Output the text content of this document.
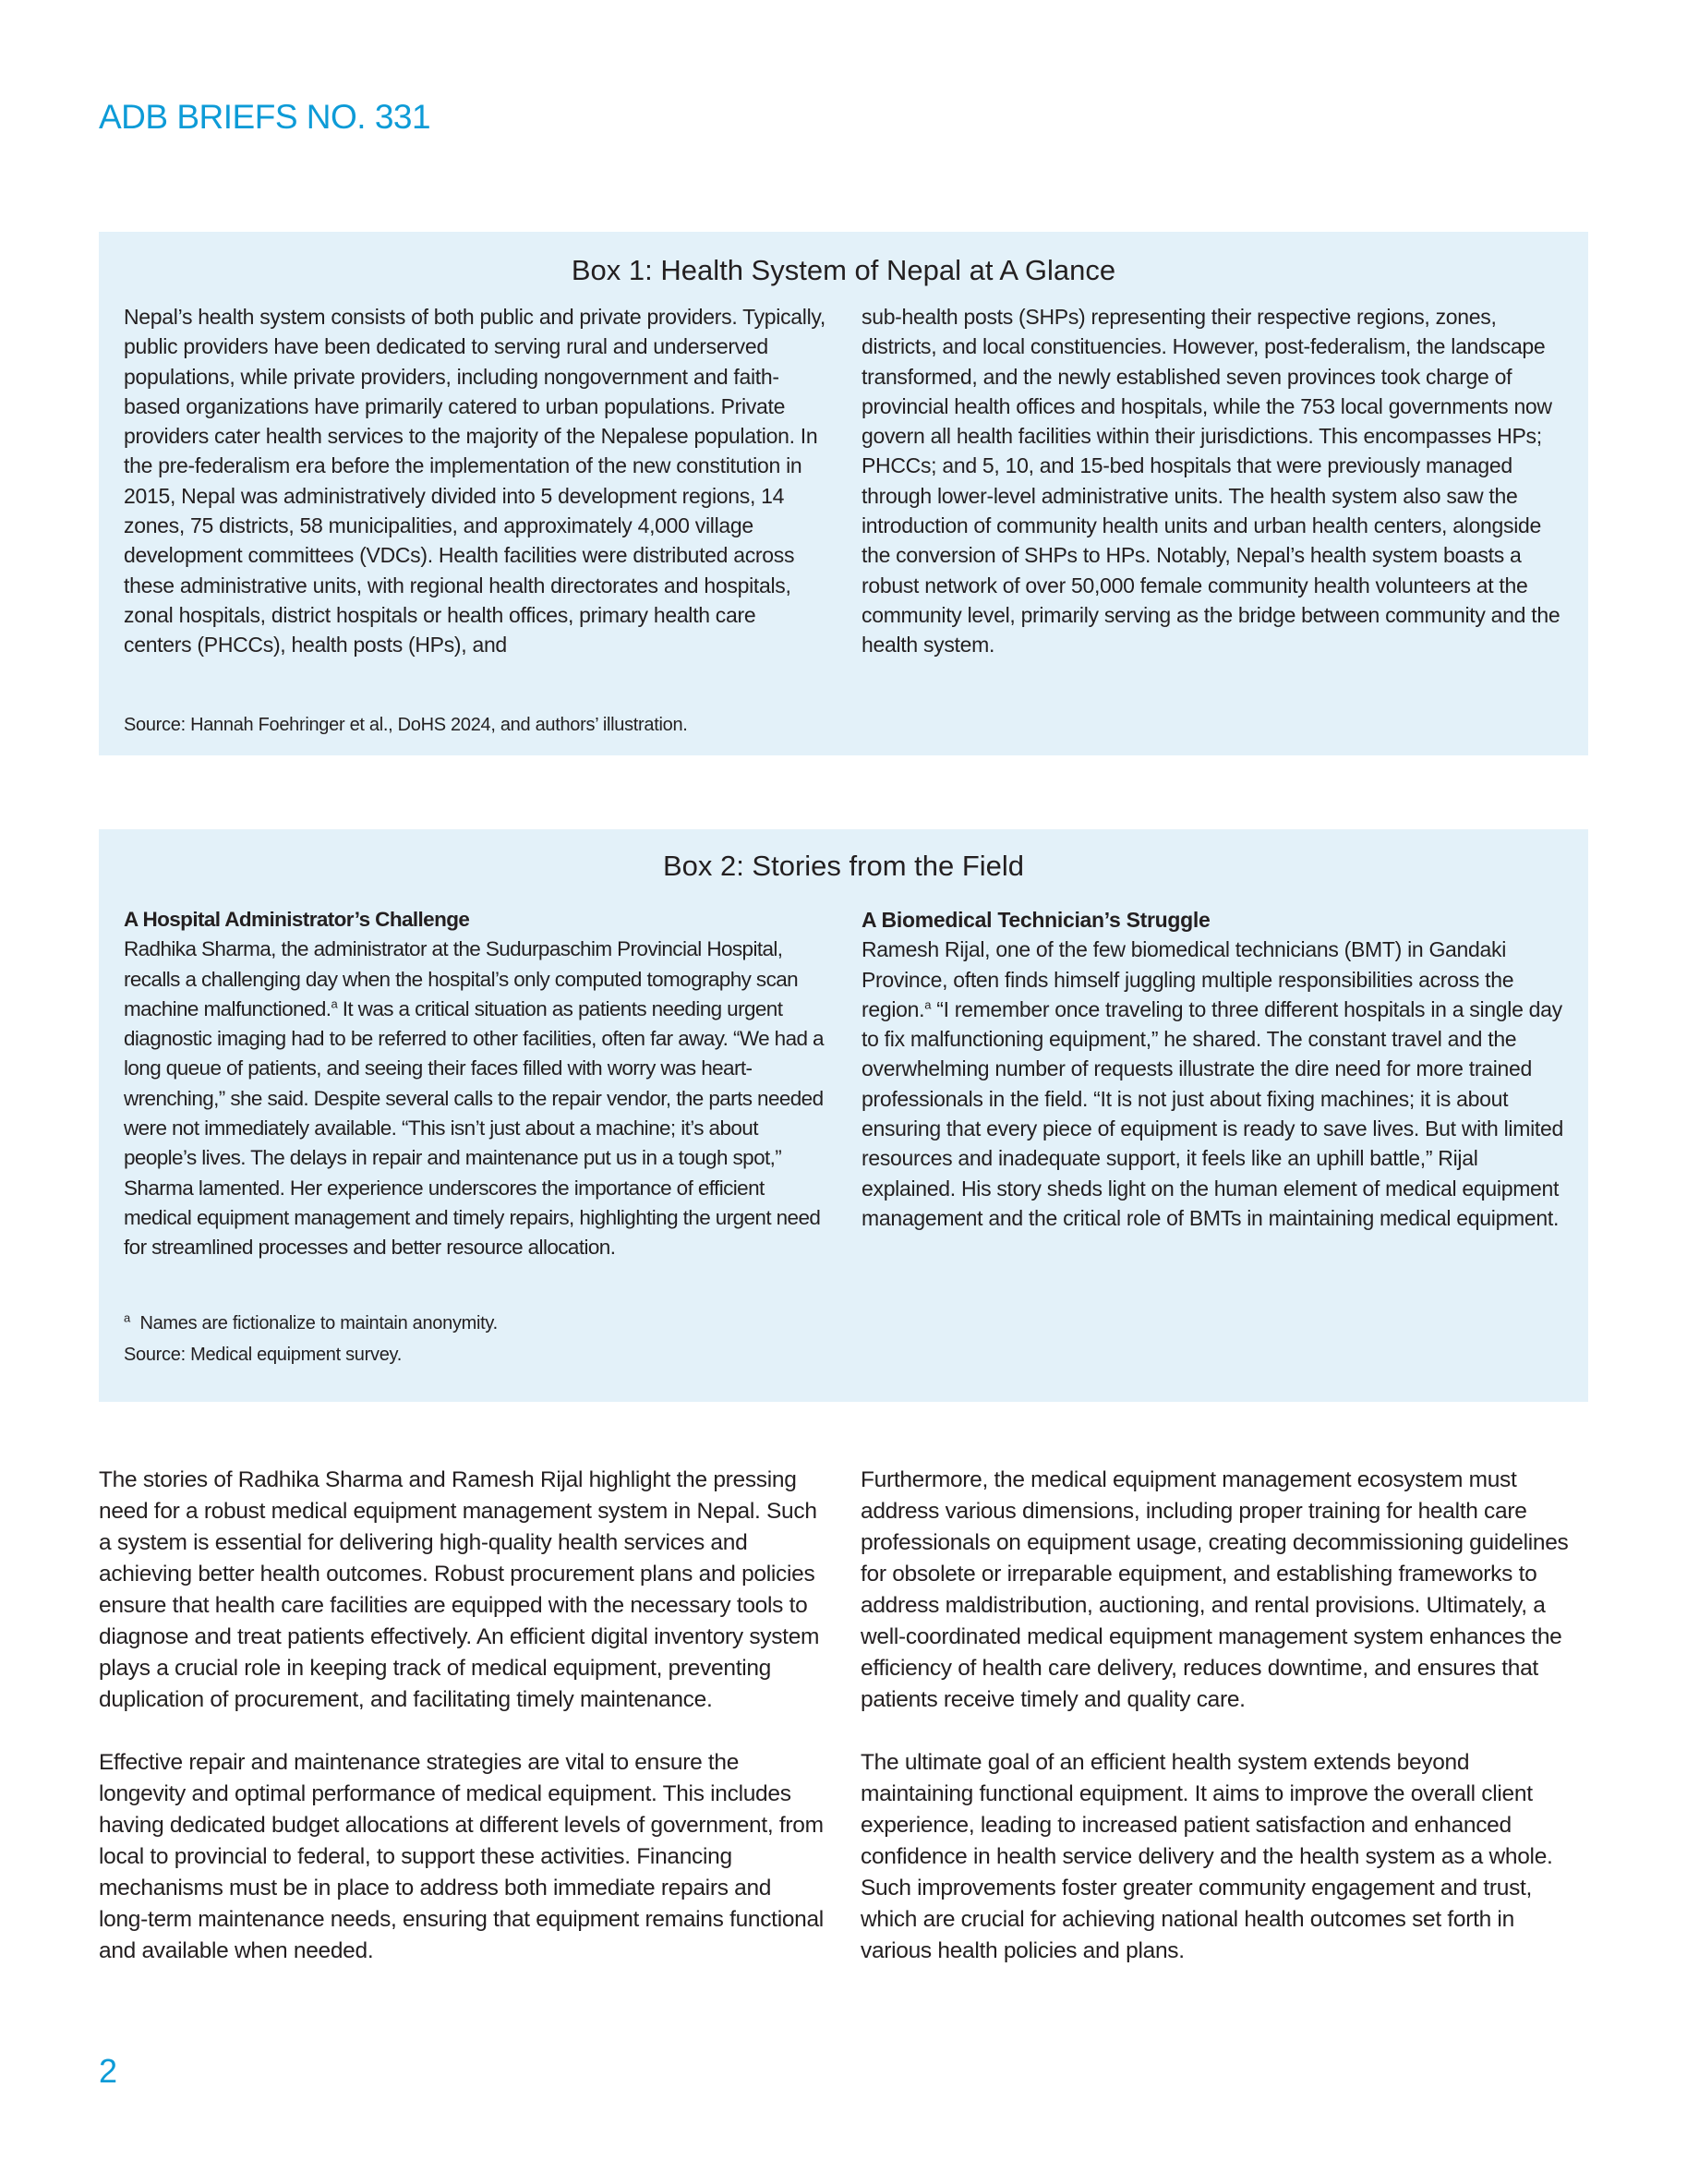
ADB BRIEFS NO. 331
Box 1: Health System of Nepal at A Glance

Nepal’s health system consists of both public and private providers. Typically, public providers have been dedicated to serving rural and underserved populations, while private providers, including nongovernment and faith-based organizations have primarily catered to urban populations. Private providers cater health services to the majority of the Nepalese population. In the pre-federalism era before the implementation of the new constitution in 2015, Nepal was administratively divided into 5 development regions, 14 zones, 75 districts, 58 municipalities, and approximately 4,000 village development committees (VDCs). Health facilities were distributed across these administrative units, with regional health directorates and hospitals, zonal hospitals, district hospitals or health offices, primary health care centers (PHCCs), health posts (HPs), and

sub-health posts (SHPs) representing their respective regions, zones, districts, and local constituencies. However, post-federalism, the landscape transformed, and the newly established seven provinces took charge of provincial health offices and hospitals, while the 753 local governments now govern all health facilities within their jurisdictions. This encompasses HPs; PHCCs; and 5, 10, and 15-bed hospitals that were previously managed through lower-level administrative units. The health system also saw the introduction of community health units and urban health centers, alongside the conversion of SHPs to HPs. Notably, Nepal’s health system boasts a robust network of over 50,000 female community health volunteers at the community level, primarily serving as the bridge between community and the health system.

Source: Hannah Foehringer et al., DoHS 2024, and authors’ illustration.
Box 2: Stories from the Field

A Hospital Administrator’s Challenge

Radhika Sharma, the administrator at the Sudurpaschim Provincial Hospital, recalls a challenging day when the hospital’s only computed tomography scan machine malfunctioned.$^a$ It was a critical situation as patients needing urgent diagnostic imaging had to be referred to other facilities, often far away. “We had a long queue of patients, and seeing their faces filled with worry was heart-wrenching,” she said. Despite several calls to the repair vendor, the parts needed were not immediately available. “This isn’t just about a machine; it’s about people’s lives. The delays in repair and maintenance put us in a tough spot,” Sharma lamented. Her experience underscores the importance of efficient medical equipment management and timely repairs, highlighting the urgent need for streamlined processes and better resource allocation.

A Biomedical Technician’s Struggle

Ramesh Rijal, one of the few biomedical technicians (BMT) in Gandaki Province, often finds himself juggling multiple responsibilities across the region.$^a$ “I remember once traveling to three different hospitals in a single day to fix malfunctioning equipment,” he shared. The constant travel and the overwhelming number of requests illustrate the dire need for more trained professionals in the field. “It is not just about fixing machines; it is about ensuring that every piece of equipment is ready to save lives. But with limited resources and inadequate support, it feels like an uphill battle,” Rijal explained. His story sheds light on the human element of medical equipment management and the critical role of BMTs in maintaining medical equipment.

$^a$ Names are fictionalize to maintain anonymity.
Source: Medical equipment survey.

The stories of Radhika Sharma and Ramesh Rijal highlight the pressing need for a robust medical equipment management system in Nepal. Such a system is essential for delivering high-quality health services and achieving better health outcomes. Robust procurement plans and policies ensure that health care facilities are equipped with the necessary tools to diagnose and treat patients effectively. An efficient digital inventory system plays a crucial role in keeping track of medical equipment, preventing duplication of procurement, and facilitating timely maintenance.

Effective repair and maintenance strategies are vital to ensure the longevity and optimal performance of medical equipment. This includes having dedicated budget allocations at different levels of government, from local to provincial to federal, to support these activities. Financing mechanisms must be in place to address both immediate repairs and long-term maintenance needs, ensuring that equipment remains functional and available when needed.

Furthermore, the medical equipment management ecosystem must address various dimensions, including proper training for health care professionals on equipment usage, creating decommissioning guidelines for obsolete or irreparable equipment, and establishing frameworks to address maldistribution, auctioning, and rental provisions. Ultimately, a well-coordinated medical equipment management system enhances the efficiency of health care delivery, reduces downtime, and ensures that patients receive timely and quality care.

The ultimate goal of an efficient health system extends beyond maintaining functional equipment. It aims to improve the overall client experience, leading to increased patient satisfaction and enhanced confidence in health service delivery and the health system as a whole. Such improvements foster greater community engagement and trust, which are crucial for achieving national health outcomes set forth in various health policies and plans.

2
